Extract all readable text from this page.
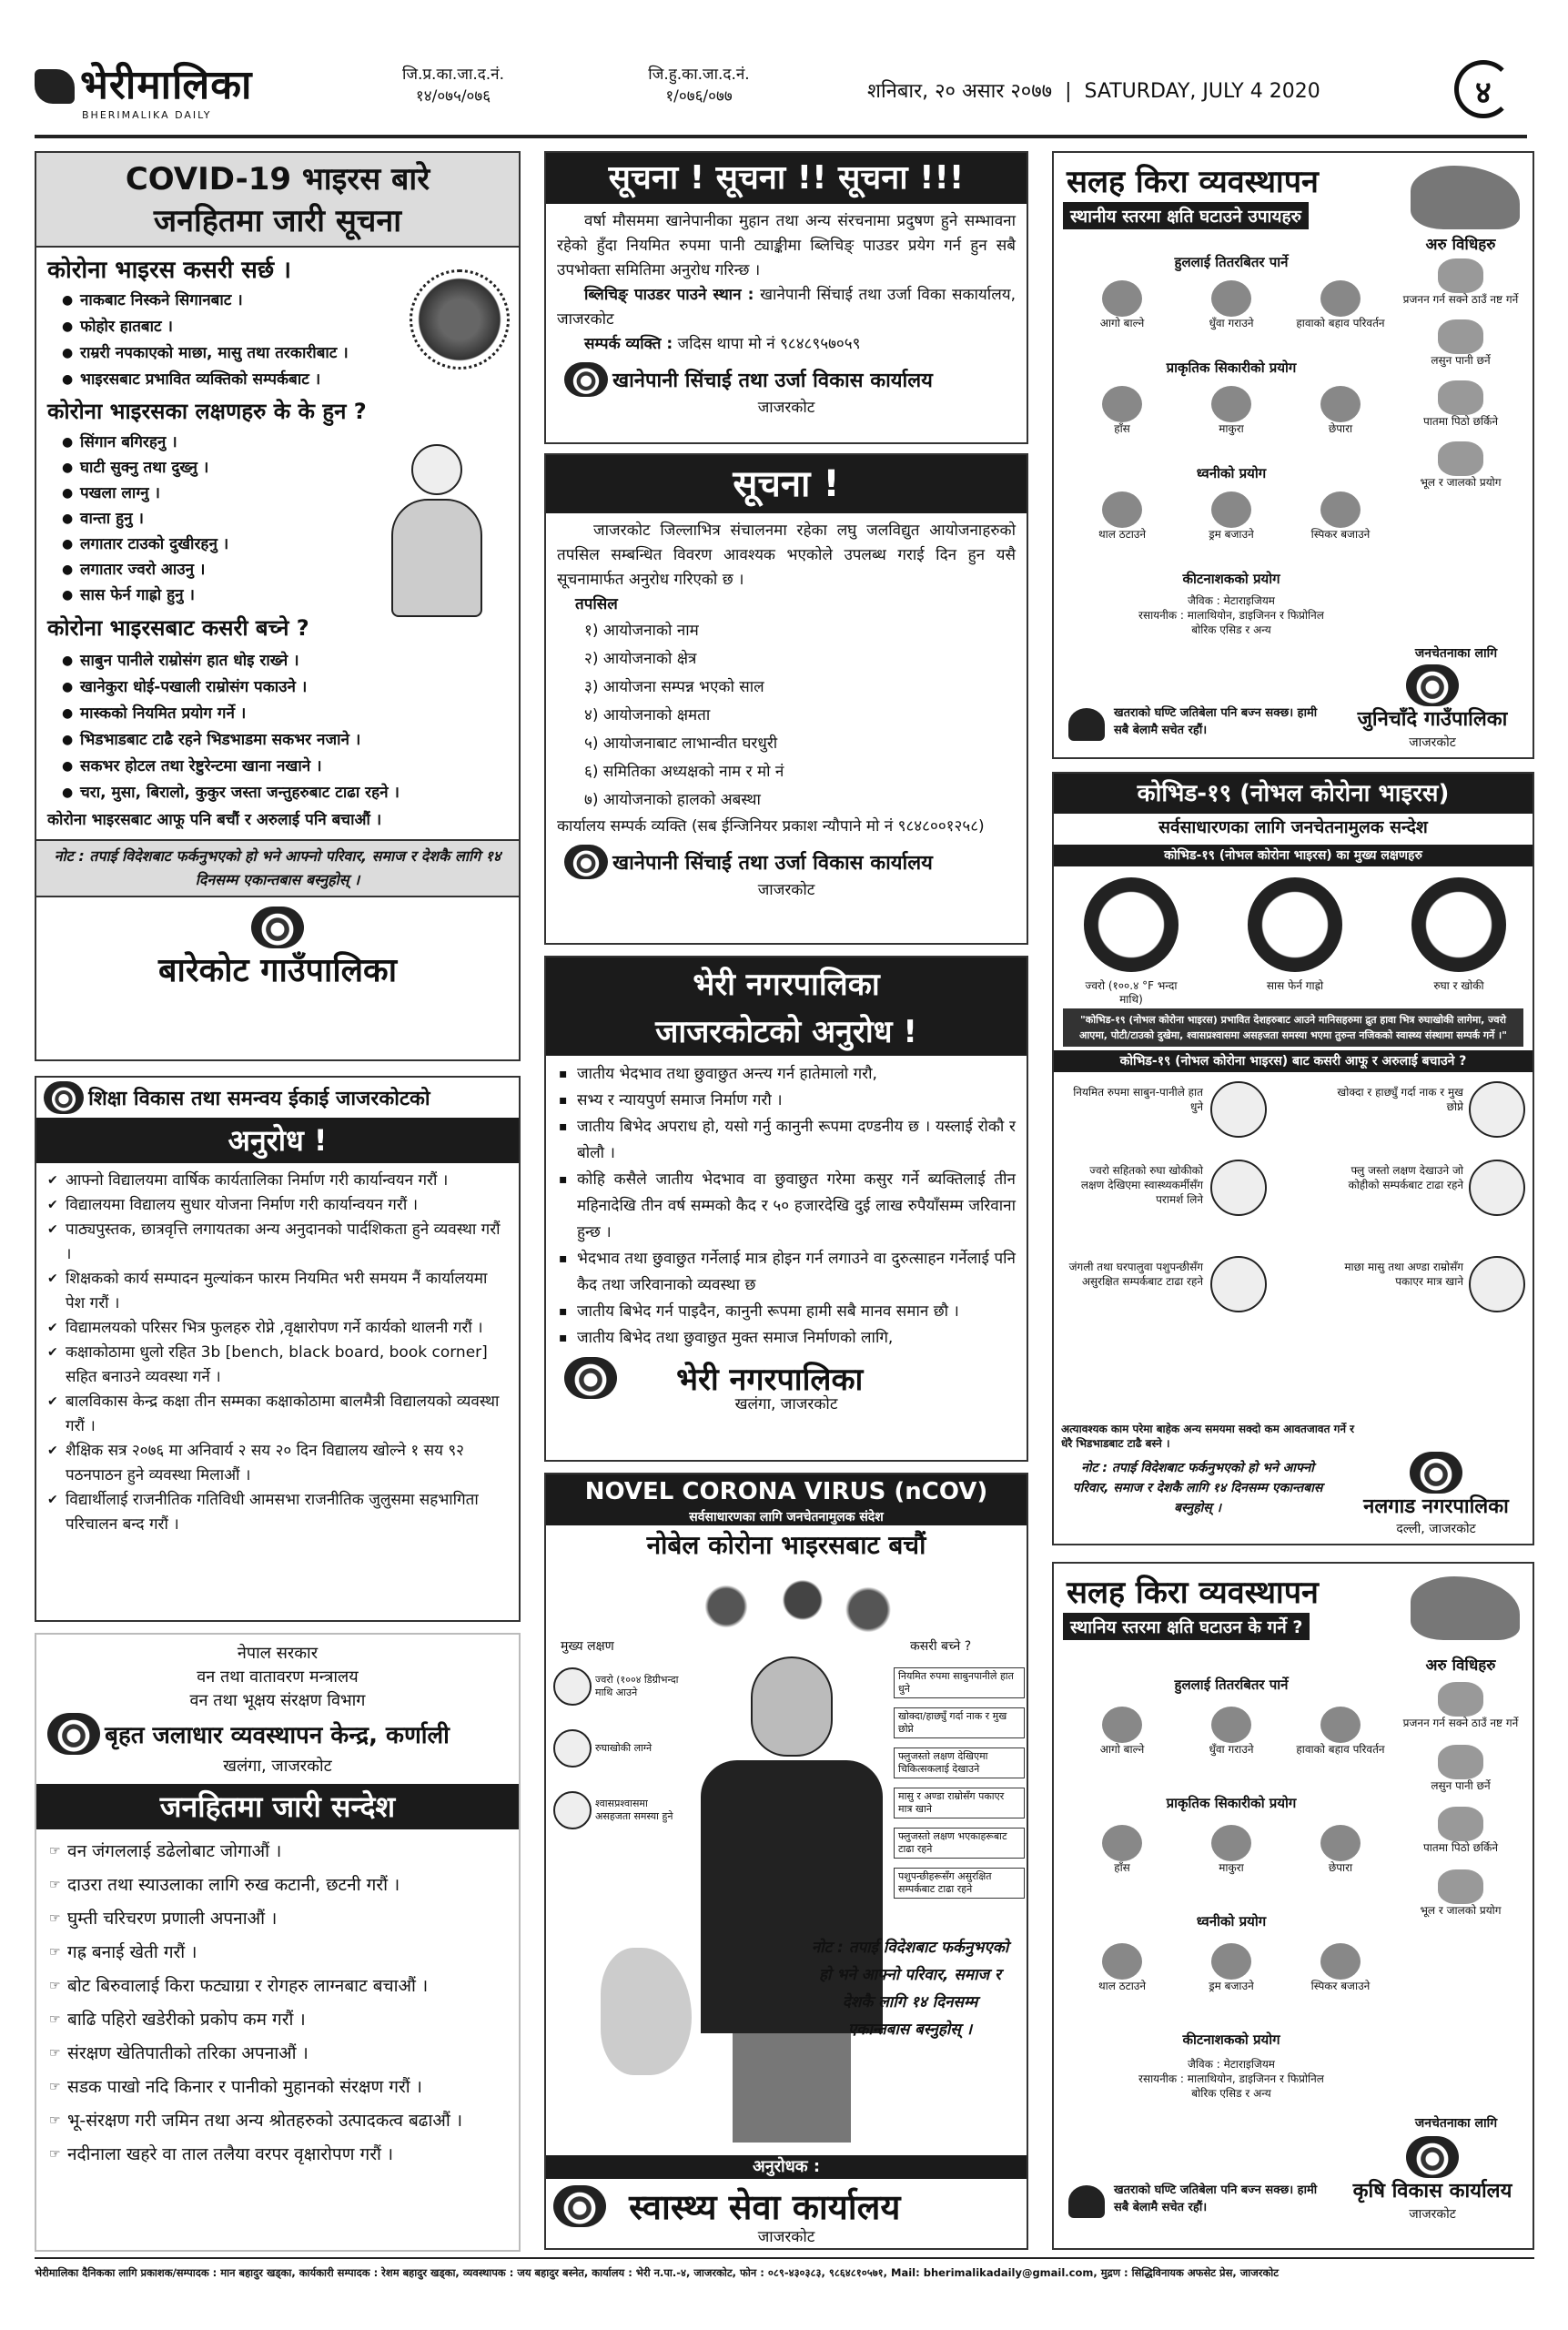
भेरीमालिका
BHERIMALIKA DAILY
जि.प्र.का.जा.द.नं.
१४/०७५/०७६
जि.हु.का.जा.द.नं.
१/०७६/०७७	शनिबार, २० असार २०७७  |  SATURDAY, JULY 4 2020	४
COVID-19 भाइरस बारे
जनहितमा जारी सूचना
कोरोना भाइरस कसरी सर्छ ।
● नाकबाट निस्कने सिगानबाट ।
● फोहोर हातबाट ।
● राम्ररी नपकाएको माछा, मासु तथा तरकारीबाट ।
● भाइरसबाट प्रभावित व्यक्तिको सम्पर्कबाट ।
कोरोना भाइरसका लक्षणहरु के के हुन ?
● सिंगान बगिरहनु ।
● घाटी सुक्नु तथा दुख्नु ।
● पखला लाग्नु ।
● वान्ता हुनु ।
● लगातार टाउको दुखीरहनु ।
● लगातार ज्वरो आउनु ।
● सास फेर्न गाह्रो हुनु ।
कोरोना भाइरसबाट कसरी बच्ने ?
● साबुन पानीले राम्रोसंग हात धोइ राख्ने ।
● खानेकुरा धोई-पखाली राम्रोसंग पकाउने ।
● मास्कको नियमित प्रयोग गर्ने ।
● भिडभाडबाट टाढै रहने भिडभाडमा सकभर नजाने ।
● सकभर होटल तथा रेष्टुरेन्टमा खाना नखाने ।
● चरा, मुसा, बिरालो, कुकुर जस्ता जन्तुहरुबाट टाढा रहने ।
कोरोना भाइरसबाट आफू पनि बचौं र अरुलाई पनि बचाऔं ।
नोट : तपाई विदेशबाट फर्कनुभएको हो भने आफ्नो परिवार, समाज र देशकै लागि १४ दिनसम्म एकान्तबास बस्नुहोस् ।
बारेकोट गाउँपालिका
शिक्षा विकास तथा समन्वय ईकाई जाजरकोटको
अनुरोध !
✔ आफ्नो विद्यालयमा वार्षिक कार्यतालिका निर्माण गरी कार्यान्वयन गरौं ।
✔ विद्यालयमा विद्यालय सुधार योजना निर्माण गरी कार्यान्वयन गरौं ।
✔ पाठ्यपुस्तक, छात्रवृत्ति लगायतका अन्य अनुदानको पार्दशिकता हुने व्यवस्था गरौं ।
✔ शिक्षकको कार्य सम्पादन मुल्यांकन फारम नियमित भरी समयम नैं कार्यालयमा पेश गरौं ।
✔ विद्यामलयको परिसर भित्र फुलहरु रोप्ने ,वृक्षारोपण गर्ने कार्यको थालनी गरौं ।
✔ कक्षाकोठामा धुलो रहित 3b [bench, black board, book corner] सहित बनाउने व्यवस्था गर्ने ।
✔ बालविकास केन्द्र कक्षा तीन सम्मका कक्षाकोठामा बालमैत्री विद्यालयको व्यवस्था गरौं ।
✔ शैक्षिक सत्र २०७६ मा अनिवार्य २ सय २० दिन विद्यालय खोल्ने १ सय ९२ पठनपाठन हुने व्यवस्था मिलाऔं ।
✔ विद्यार्थीलाई राजनीतिक गतिविधी आमसभा राजनीतिक जुलुसमा सहभागिता परिचालन बन्द गरौं ।
नेपाल सरकार
वन तथा वातावरण मन्त्रालय
वन तथा भूक्षय संरक्षण विभाग
बृहत जलाधार व्यवस्थापन केन्द्र, कर्णाली
खलंगा, जाजरकोट
जनहितमा जारी सन्देश
☞ वन जंगललाई डढेलोबाट जोगाऔं ।
☞ दाउरा तथा स्याउलाका लागि रुख कटानी, छटनी गरौं ।
☞ घुम्ती चरिचरण प्रणाली अपनाऔं ।
☞ गह्र बनाई खेती गरौं ।
☞ बोट बिरुवालाई किरा फट्याग्रा र रोगहरु लाग्नबाट बचाऔं ।
☞ बाढि पहिरो खडेरीको प्रकोप कम गरौं ।
☞ संरक्षण खेतिपातीको तरिका अपनाऔं ।
☞ सडक पाखो नदि किनार र पानीको मुहानको संरक्षण गरौं ।
☞ भू-संरक्षण गरी जमिन तथा अन्य श्रोतहरुको उत्पादकत्व बढाऔं ।
☞ नदीनाला खहरे वा ताल तलैया वरपर वृक्षारोपण गरौं ।
सूचना ! सूचना !! सूचना !!!
वर्षा मौसममा खानेपानीका मुहान तथा अन्य संरचनामा प्रदुषण हुने सम्भावना रहेको हुँदा नियमित रुपमा पानी ट्याङ्कीमा ब्लिचिङ् पाउडर प्रयेग गर्न हुन सबै उपभोक्ता समितिमा अनुरोध गरिन्छ ।
ब्लिचिङ् पाउडर पाउने स्थान : खानेपानी सिंचाई तथा उर्जा विका सकार्यालय, जाजरकोट
सम्पर्क व्यक्ति : जदिस थापा मो नं ९८४८९५७०५९
खानेपानी सिंचाई तथा उर्जा विकास कार्यालय
जाजरकोट
सूचना !
जाजरकोट जिल्लाभित्र संचालनमा रहेका लघु जलविद्युत आयोजनाहरुको तपसिल सम्बन्धित विवरण आवश्यक भएकोले उपलब्ध गराई दिन हुन यसै सूचनामार्फत अनुरोध गरिएको छ ।
तपसिल
१) आयोजनाको नाम
२) आयोजनाको क्षेत्र
३) आयोजना सम्पन्न भएको साल
४) आयोजनाको क्षमता
५) आयोजनाबाट लाभान्वीत घरधुरी
६) समितिका अध्यक्षको नाम र मो नं
७) आयोजनाको हालको अबस्था
कार्यालय सम्पर्क व्यक्ति (सब ईन्जिनियर प्रकाश न्यौपाने मो नं ९८४८००१२५८)
खानेपानी सिंचाई तथा उर्जा विकास कार्यालय
जाजरकोट
भेरी नगरपालिका
जाजरकोटको अनुरोध !
▪ जातीय भेदभाव तथा छुवाछुत अन्त्य गर्न हातेमालो गरौ,
▪ सभ्य र न्यायपुर्ण समाज निर्माण गरौ ।
▪ जातीय बिभेद अपराध हो, यसो गर्नु कानुनी रूपमा दण्डनीय छ । यस्लाई रोकौ र बोलौ ।
▪ कोहि कसैले जातीय भेदभाव वा छुवाछुत गरेमा कसुर गर्ने ब्यक्तिलाई तीन महिनादेखि तीन वर्ष सम्मको कैद र ५० हजारदेखि दुई लाख रुपैयाँसम्म जरिवाना हुन्छ ।
▪ भेदभाव तथा छुवाछुत गर्नेलाई मात्र होइन गर्न लगाउने वा दुरुत्साहन गर्नेलाई पनि कैद तथा जरिवानाको व्यवस्था छ
▪ जातीय बिभेद गर्न पाइदैन, कानुनी रूपमा हामी सबै मानव समान छौ ।
▪ जातीय बिभेद तथा छुवाछुत मुक्त समाज निर्माणको लागि,
भेरी नगरपालिका
खलंगा, जाजरकोट
NOVEL CORONA VIRUS (nCOV)
सर्वसाधारणका लागि जनचेतनामुलक संदेश
नोबेल कोरोना भाइरसबाट बचौं
मुख्य लक्षण	कसरी बच्ने ?
ज्वरो (१००४ डिग्रीभन्दा माथि आउने
रुघाखोकी लाग्ने
श्वासप्रश्वासमा असहजता समस्या हुने
नियमित रुपमा साबुनपानीले हात धुने
खोक्दा/हाछ्युँ गर्दा नाक र मुख छोप्ने
फ्लुजस्तो लक्षण देखिएमा चिकित्सकलाई देखाउने
मासु र अण्डा राम्रोसँग पकाएर मात्र खाने
फ्लुजस्तो लक्षण भएकाहरूबाट टाढा रहने
पशुपन्छीहरूसँग असुरक्षित सम्पर्कबाट टाढा रहने
नोट : तपाई विदेशबाट फर्कनुभएको हो भने आफ्नो परिवार, समाज र देशकै लागि १४ दिनसम्म एकान्तबास बस्नुहोस् ।
अनुरोधक :
स्वास्थ्य सेवा कार्यालय
जाजरकोट
सलह किरा व्यवस्थापन
स्थानीय स्तरमा क्षति घटाउने उपायहरु
अरु विधिहरु
हुललाई तितरबितर पार्ने
आगो बाल्ने	धुँवा गराउने	हावाको बहाव परिवर्तन
प्राकृतिक सिकारीको प्रयोग
हाँस	माकुरा	छेपारा
ध्वनीको प्रयोग
थाल ठटाउने	ड्रम बजाउने	स्पिकर बजाउने
कीटनाशकको प्रयोग
जैविक : मेटाराइजियम
रसायनीक : मालाथियोन, डाइजिनन र फिप्रोनिल
बोरिक एसिड र अन्य
प्रजनन गर्न सक्ने ठाउँ नष्ट गर्ने
लसुन पानी छर्ने
पातमा पिठो छर्किने
भूल र जालको प्रयोग
जनचेतनाका लागि
खतराको घण्टि जतिबेला पनि बज्न सक्छ। हामी सबै बेलामै सचेत रहौं।	जुनिचाँदे गाउँपालिका
जाजरकोट
कोभिड-१९ (नोभल कोरोना भाइरस)
सर्वसाधारणका लागि जनचेतनामुलक सन्देश
कोभिड-१९ (नोभल कोरोना भाइरस) का मुख्य लक्षणहरु
ज्वरो (१००.४ °F भन्दा माथि)
सास फेर्न गाह्रो	रुघा र खोकी
"कोभिड-१९ (नोभल कोरोना भाइरस) प्रभावित देशहरुबाट आउने मानिसहरुमा द्रुत हावा भित्र रुघाखोकी लागेमा, ज्वरो आएमा, पोटी/टाउको दुखेमा, श्वासप्रश्वासमा असहजता समस्या भएमा तुरुन्त नजिकको स्वास्थ्य संस्थामा सम्पर्क गर्ने ।"
कोभिड-१९ (नोभल कोरोना भाइरस) बाट कसरी आफू र अरुलाई बचाउने ?
नियमित रुपमा साबुन-पानीले हात धुने
ज्वरो सहितको रुघा खोकीको लक्षण देखिएमा स्वास्थ्यकर्मीसँग परामर्श लिने
जंगली तथा घरपालुवा पशुपन्छीसँग असुरक्षित सम्पर्कबाट टाढा रहने
खोक्दा र हाछ्युँ गर्दा नाक र मुख छोप्ने
फ्लु जस्तो लक्षण देखाउने जो कोहीको सम्पर्कबाट टाढा रहने
माछा मासु तथा अण्डा राम्रोसँग पकाएर मात्र खाने
अत्यावश्यक काम परेमा बाहेक अन्य समयमा सक्दो कम आवतजावत गर्ने र धेरै भिडभाडबाट टाढै बस्ने ।
नोट : तपाई विदेशबाट फर्कनुभएको हो भने आफ्नो परिवार, समाज र देशकै लागि १४ दिनसम्म एकान्तबास बस्नुहोस् ।	नलगाड नगरपालिका
दल्ली, जाजरकोट
सलह किरा व्यवस्थापन
स्थानिय स्तरमा क्षति घटाउन के गर्ने ?
अरु विधिहरु
हुललाई तितरबितर पार्ने
आगो बाल्ने	धुँवा गराउने	हावाको बहाव परिवर्तन
प्राकृतिक सिकारीको प्रयोग
हाँस	माकुरा	छेपारा
ध्वनीको प्रयोग
थाल ठटाउने	ड्रम बजाउने	स्पिकर बजाउने
कीटनाशकको प्रयोग
जैविक : मेटाराइजियम
रसायनीक : मालाथियोन, डाइजिनन र फिप्रोनिल
बोरिक एसिड र अन्य
प्रजनन गर्न सक्ने ठाउँ नष्ट गर्ने
लसुन पानी छर्ने
पातमा पिठो छर्किने
भूल र जालको प्रयोग
जनचेतनाका लागि
खतराको घण्टि जतिबेला पनि बज्न सक्छ। हामी सबै बेलामै सचेत रहौं।
कृषि विकास कार्यालय
जाजरकोट
भेरीमालिका दैनिकका लागि प्रकाशक/सम्पादक : मान बहादुर खड्का, कार्यकारी सम्पादक : रेशम बहादुर खड्का, व्यवस्थापक : जय बहादुर बस्नेत, कार्यालय : भेरी न.पा.-४, जाजरकोट, फोन : ०८९-४३०३८३, ९८६४८१०५७१, Mail: bherimalikadaily@gmail.com, मुद्रण : सिद्धिविनायक अफसेट प्रेस, जाजरकोट
